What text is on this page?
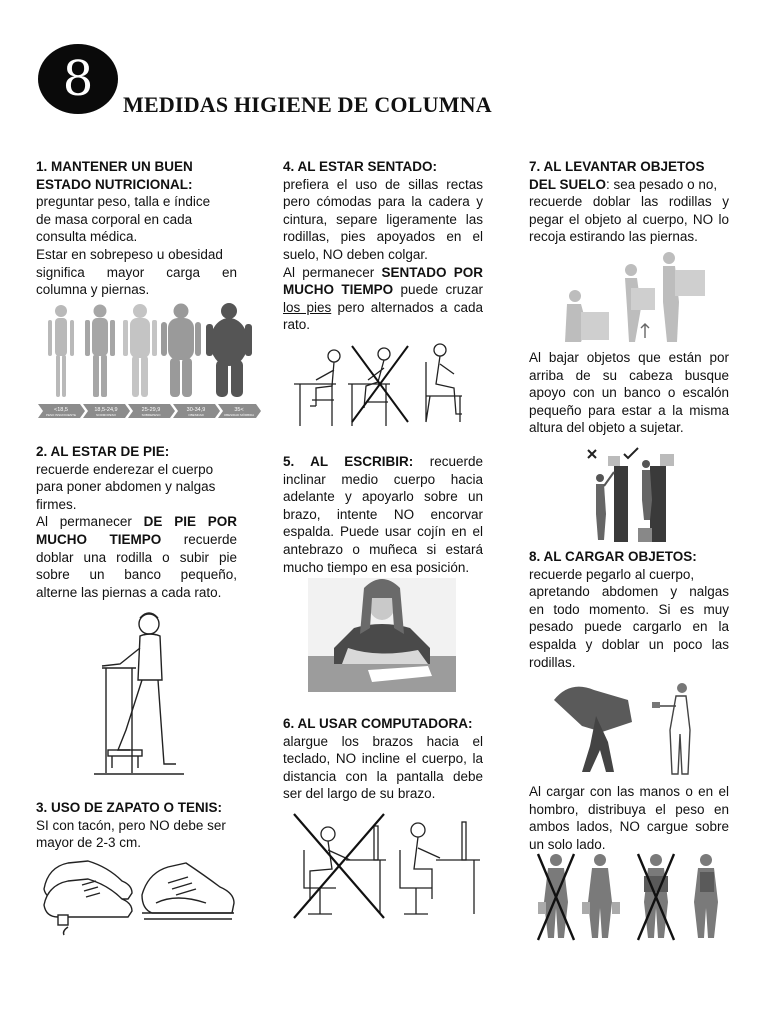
8	MEDIDAS HIGIENE DE COLUMNA

1. MANTENER UN BUEN

ESTADO NUTRICIONAL:

preguntar peso, talla e índice

de masa corporal en cada

consulta médica.

Estar en sobrepeso u obesidad

significa mayor carga en

columna y piernas.

<18,5	18,5-24,9	25-29,9	30-34,9	35<
PESO INSUFICIENTE	NORMOPESO	SOBREPESO	OBESIDAD	OBESIDAD MÓRBIDA

2. AL ESTAR DE PIE:

recuerde enderezar el cuerpo

para poner abdomen y nalgas

firmes.

Al permanecer DE PIE POR

MUCHO TIEMPO recuerde

doblar una rodilla o subir pie

sobre un banco pequeño,

alterne las piernas a cada rato.

3. USO DE ZAPATO O TENIS:

SI con tacón, pero NO debe ser

mayor de 2-3 cm.

4. AL ESTAR SENTADO:

prefiera el uso de sillas rectas

pero cómodas para la cadera y

cintura, separe ligeramente las

rodillas, pies apoyados en el

suelo, NO deben colgar.

Al permanecer SENTADO POR

MUCHO TIEMPO puede cruzar

los pies pero alternados a cada

rato.

5. AL ESCRIBIR: recuerde

inclinar medio cuerpo hacia

adelante y apoyarlo sobre un

brazo, intente NO encorvar

espalda. Puede usar cojín en el

antebrazo o muñeca si estará

mucho tiempo en esa posición.

6. AL USAR COMPUTADORA:

alargue los brazos hacia el

teclado, NO incline el cuerpo, la

distancia con la pantalla debe

ser del largo de su brazo.

7. AL LEVANTAR OBJETOS

DEL SUELO: sea pesado o no,

recuerde doblar las rodillas y

pegar el objeto al cuerpo, NO lo

recoja estirando las piernas.

Al bajar objetos que están por

arriba de su cabeza busque

apoyo con un banco o escalón

pequeño para estar a la misma

altura del objeto a sujetar.

8. AL CARGAR OBJETOS:

recuerde pegarlo al cuerpo,

apretando abdomen y nalgas

en todo momento. Si es muy

pesado puede cargarlo en la

espalda y doblar un poco las

rodillas.

Al cargar con las manos o en el

hombro, distribuya el peso en

ambos lados, NO cargue sobre

un solo lado.
